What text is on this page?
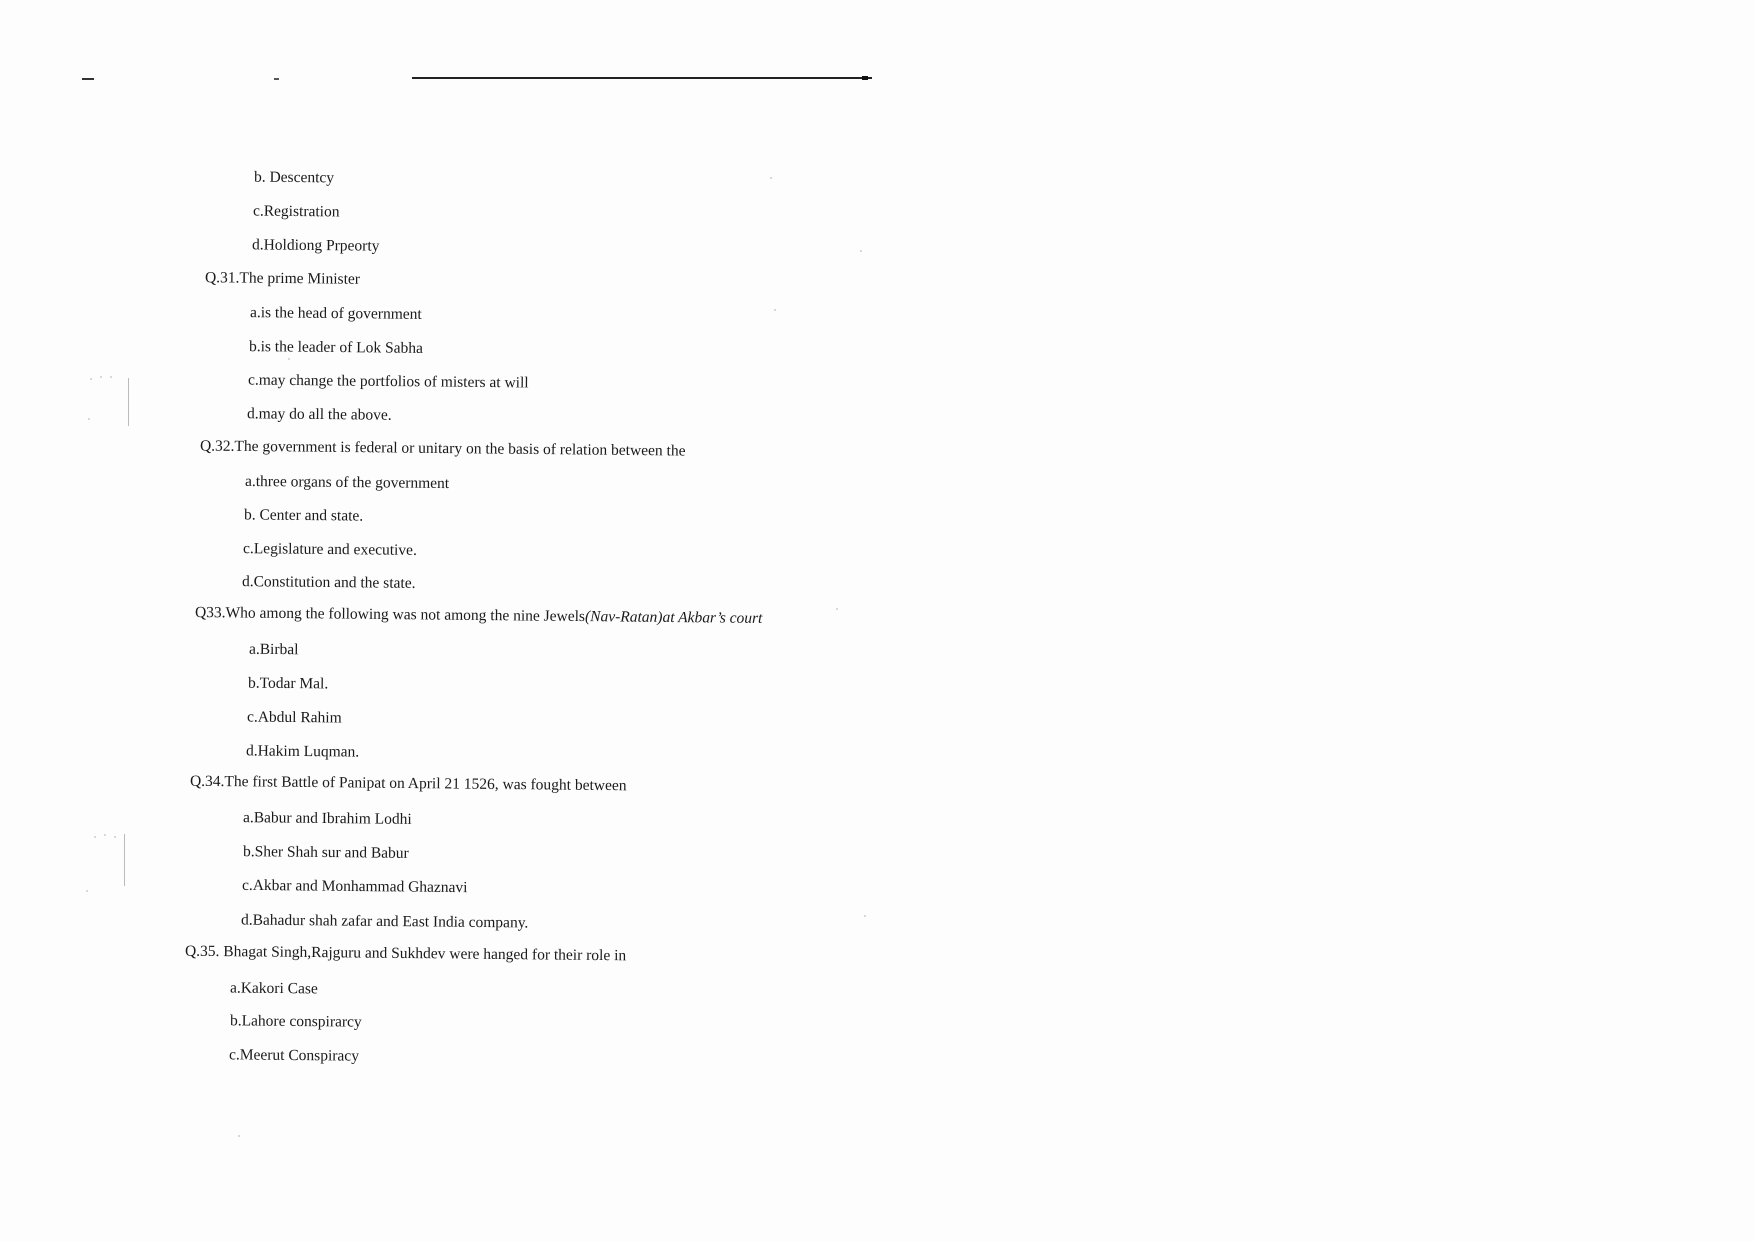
b. Descentcy
c.Registration
d.Holdiong Prpeorty
Q.31.The prime Minister
a.is the head of government
b.is the leader of Lok Sabha
c.may change the portfolios of misters at will
d.may do all the above.
Q.32.The government is federal or unitary on the basis of relation between the
a.three organs of the government
b. Center and state.
c.Legislature and executive.
d.Constitution and the state.
Q33.Who among the following was not among the nine Jewels(Nav-Ratan)at Akbar’s court
a.Birbal
b.Todar Mal.
c.Abdul Rahim
d.Hakim Luqman.
Q.34.The first Battle of Panipat on April 21 1526, was fought between
a.Babur and Ibrahim Lodhi
b.Sher Shah sur and Babur
c.Akbar and Monhammad Ghaznavi
d.Bahadur shah zafar and East India company.
Q.35. Bhagat Singh,Rajguru and Sukhdev were hanged for their role in
a.Kakori Case
b.Lahore conspirarcy
c.Meerut Conspiracy
